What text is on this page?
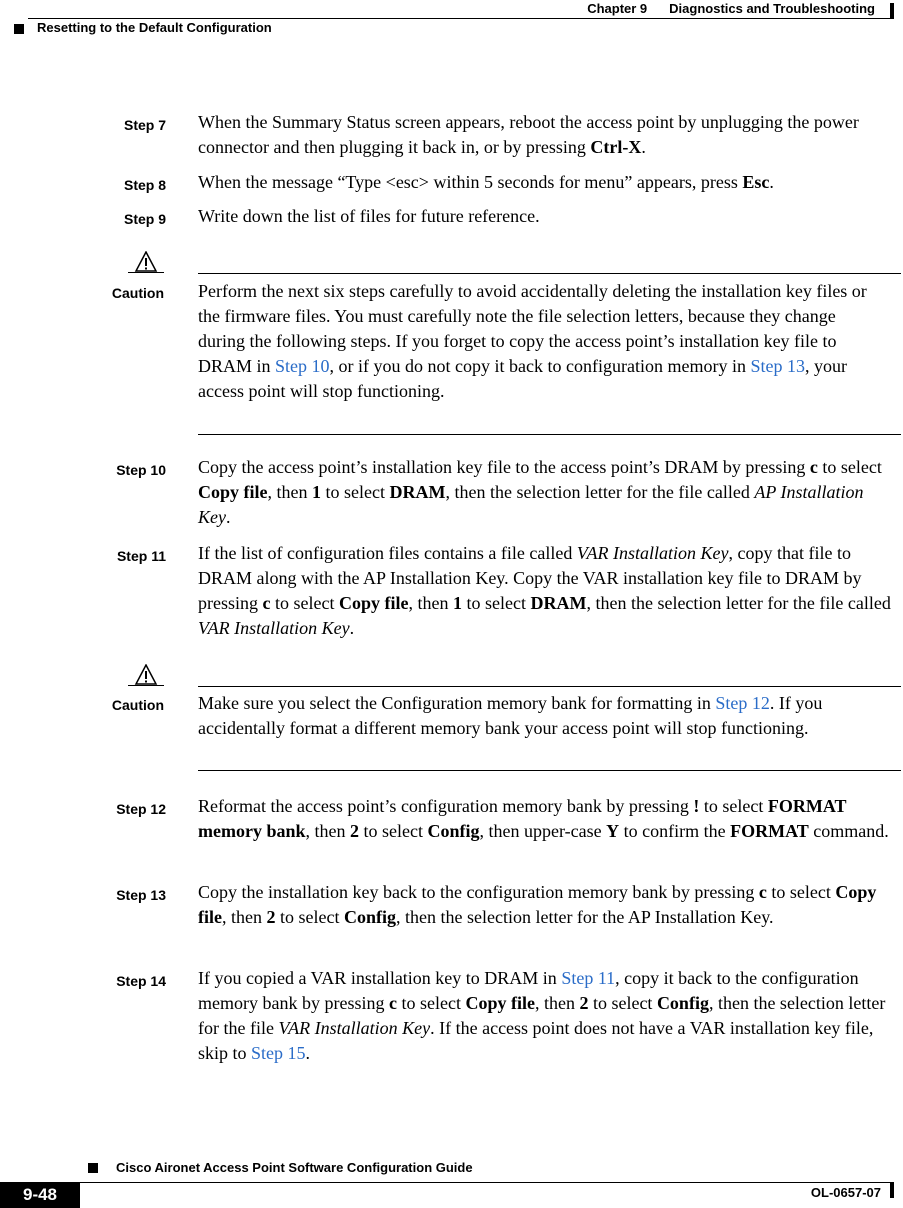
Chapter 9 Diagnostics and Troubleshooting
Resetting to the Default Configuration
Step 7 When the Summary Status screen appears, reboot the access point by unplugging the power connector and then plugging it back in, or by pressing Ctrl-X.
Step 8 When the message “Type <esc> within 5 seconds for menu” appears, press Esc.
Step 9 Write down the list of files for future reference.
Caution Perform the next six steps carefully to avoid accidentally deleting the installation key files or the firmware files. You must carefully note the file selection letters, because they change during the following steps. If you forget to copy the access point’s installation key file to DRAM in Step 10, or if you do not copy it back to configuration memory in Step 13, your access point will stop functioning.
Step 10 Copy the access point’s installation key file to the access point’s DRAM by pressing c to select Copy file, then 1 to select DRAM, then the selection letter for the file called AP Installation Key.
Step 11 If the list of configuration files contains a file called VAR Installation Key, copy that file to DRAM along with the AP Installation Key. Copy the VAR installation key file to DRAM by pressing c to select Copy file, then 1 to select DRAM, then the selection letter for the file called VAR Installation Key.
Caution Make sure you select the Configuration memory bank for formatting in Step 12. If you accidentally format a different memory bank your access point will stop functioning.
Step 12 Reformat the access point’s configuration memory bank by pressing ! to select FORMAT memory bank, then 2 to select Config, then upper-case Y to confirm the FORMAT command.
Step 13 Copy the installation key back to the configuration memory bank by pressing c to select Copy file, then 2 to select Config, then the selection letter for the AP Installation Key.
Step 14 If you copied a VAR installation key to DRAM in Step 11, copy it back to the configuration memory bank by pressing c to select Copy file, then 2 to select Config, then the selection letter for the file VAR Installation Key. If the access point does not have a VAR installation key file, skip to Step 15.
Cisco Aironet Access Point Software Configuration Guide
9-48	OL-0657-07
